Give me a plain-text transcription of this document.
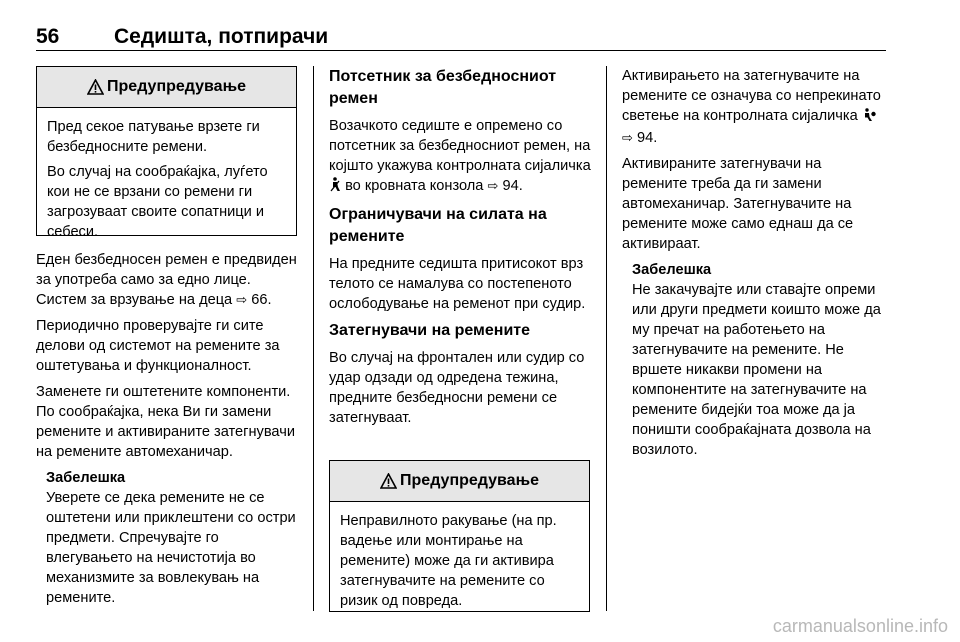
56	Седишта, потпирачи
Предупредување

Пред секое патување врзете ги безбедносните ремени.

Во случај на сообраќајка, луѓето кои не се врзани со ремени ги загрозуваат своите сопатници и себеси.

Еден безбедносен ремен е предвиден за употреба само за едно лице. Систем за врзување на деца ⇨ 66.

Периодично проверувајте ги сите делови од системот на ремените за оштетувања и функционалност.

Заменете ги оштетените компоненти. По сообраќајка, нека Ви ги замени ремените и активираните затегнувачи на ремените автомеханичар.

Забелешка

Уверете се дека ремените не се оштетени или приклештени со остри предмети. Спречувајте го влегувањето на нечистотија во механизмите за вовлекувањ на ремените.

Потсетник за безбедносниот ремен

Возачкото седиште е опремено со потсетник за безбедносниот ремен, на којшто укажува контролната сијаличка  во кровната конзола ⇨ 94.

Ограничувачи на силата на ремените

На предните седишта притисокот врз телото се намалува со постепеното ослободување на ременот при судир.

Затегнувачи на ремените

Во случај на фронтален или судир со удар одзади од одредена тежина, предните безбедносни ремени се затегнуваат.

Предупредување

Неправилното ракување (на пр. вадење или монтирање на ремените) може да ги активира затегнувачите на ремените со ризик од повреда.

Активирањето на затегнувачите на ремените се означува со непрекинато светење на контролната сијаличка  ⇨ 94.

Активираните затегнувачи на ремените треба да ги замени автомеханичар. Затегнувачите на ремените може само еднаш да се активираат.

Забелешка

Не закачувајте или ставајте опреми или други предмети коишто може да му пречат на работењето на затегнувачите на ремените. Не вршете никакви промени на компонентите на затегнувачите на ремените бидејќи тоа може да ја поништи сообраќајната дозвола на возилото.

carmanualsonline.info
